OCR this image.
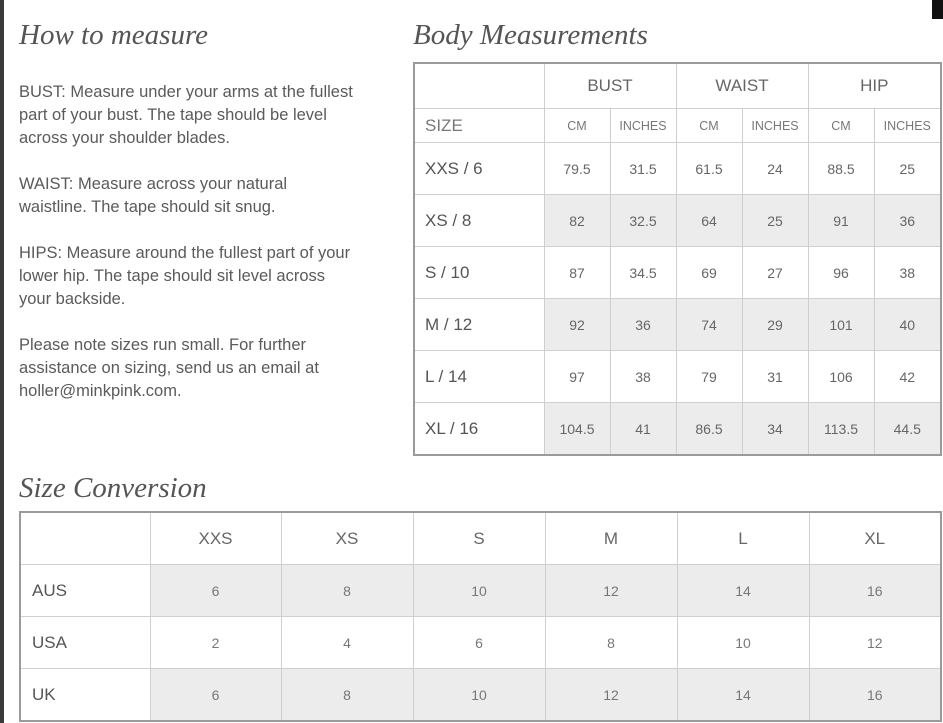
How to measure	Body Measurements
Size Conversion

BUST: Measure under your arms at the fullest part of your bust. The tape should be level across your shoulder blades.

WAIST: Measure across your natural waistline. The tape should sit snug.

HIPS: Measure around the fullest part of your lower hip. The tape should sit level across your backside.

Please note sizes run small. For further assistance on sizing, send us an email at holler@minkpink.com.

	BUST		WAIST		HIP	
SIZE	CM	INCHES	CM	INCHES	CM	INCHES
XXS / 6	79.5	31.5	61.5	24	88.5	25
XS / 8	82	32.5	64	25	91	36
S / 10	87	34.5	69	27	96	38
M / 12	92	36	74	29	101	40
L / 14	97	38	79	31	106	42
XL / 16	104.5	41	86.5	34	113.5	44.5
	XXS	XS	S	M	L	XL
AUS	6	8	10	12	14	16
USA	2	4	6	8	10	12
UK	6	8	10	12	14	16
